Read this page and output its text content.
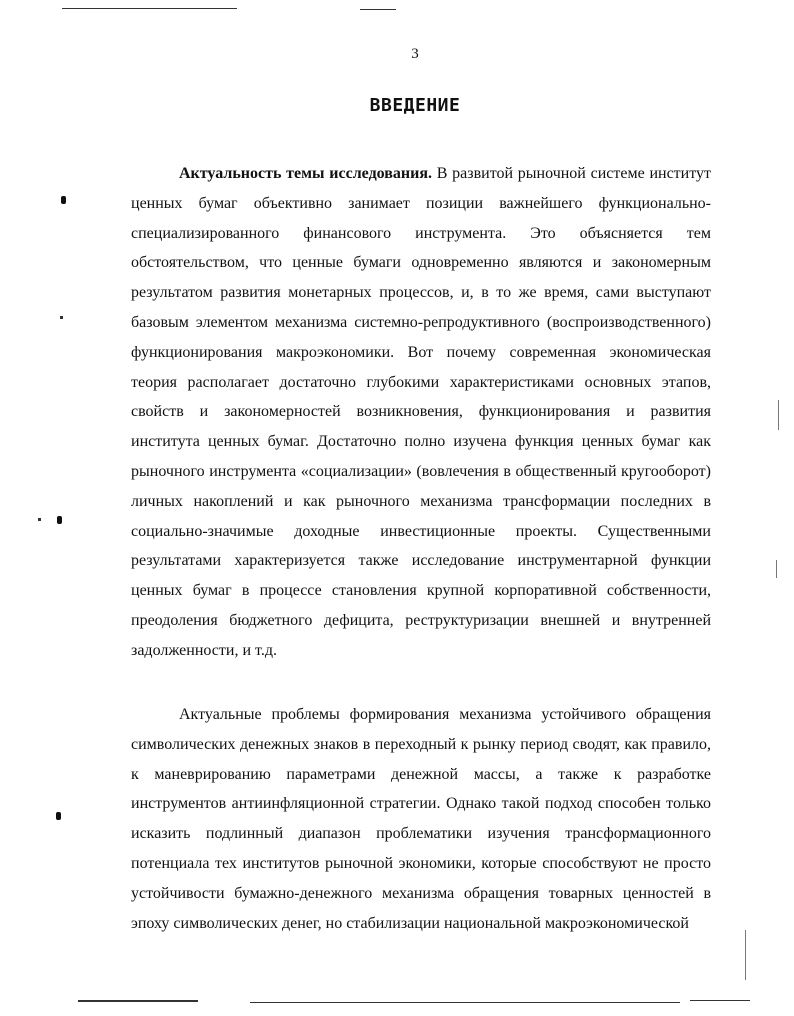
3
ВВЕДЕНИЕ

Актуальность темы исследования. В развитой рыночной системе институт ценных бумаг объективно занимает позиции важнейшего функционально-специализированного финансового инструмента. Это объясняется тем обстоятельством, что ценные бумаги одновременно являются и закономерным результатом развития монетарных процессов, и, в то же время, сами выступают базовым элементом механизма системно-репродуктивного (воспроизводственного) функционирования макроэкономики. Вот почему современная экономическая теория располагает достаточно глубокими характеристиками основных этапов, свойств и закономерностей возникновения, функционирования и развития института ценных бумаг. Достаточно полно изучена функция ценных бумаг как рыночного инструмента «социализации» (вовлечения в общественный кругооборот) личных накоплений и как рыночного механизма трансформации последних в социально-значимые доходные инвестиционные проекты. Существенными результатами характеризуется также исследование инструментарной функции ценных бумаг в процессе становления крупной корпоративной собственности, преодоления бюджетного дефицита, реструктуризации внешней и внутренней задолженности, и т.д.

Актуальные проблемы формирования механизма устойчивого обращения символических денежных знаков в переходный к рынку период сводят, как правило, к маневрированию параметрами денежной массы, а также к разработке инструментов антиинфляционной стратегии. Однако такой подход способен только исказить подлинный диапазон проблематики изучения трансформационного потенциала тех институтов рыночной экономики, которые способствуют не просто устойчивости бумажно-денежного механизма обращения товарных ценностей в эпоху символических денег, но стабилизации национальной макроэкономической
